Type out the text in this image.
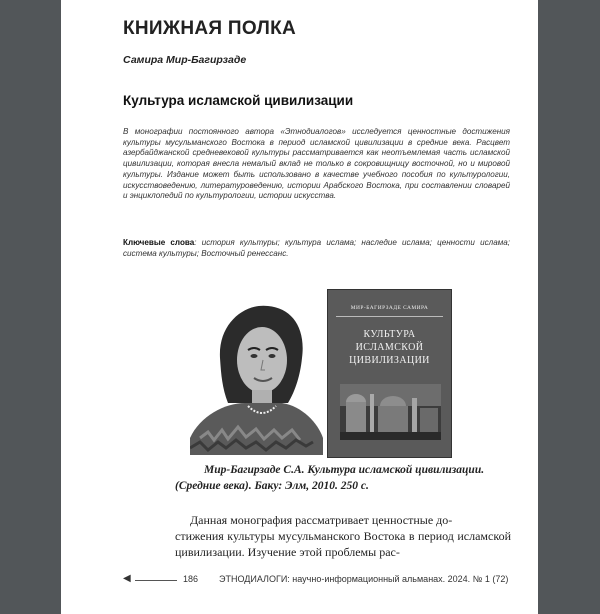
КНИЖНАЯ ПОЛКА
Самира Мир-Багирзаде
Культура исламской цивилизации
В монографии постоянного автора «Этнодиалогов» исследуется ценностные достижения культуры мусульманского Востока в период исламской цивилизации в средние века. Расцвет азербайджанской средневековой культуры рассматривается как неотъемлемая часть исламской цивилизации, которая внесла немалый вклад не только в сокровищницу восточной, но и мировой культуры. Издание может быть использовано в качестве учебного пособия по культурологии, искусствоведению, литературоведению, истории Арабского Востока, при составлении словарей и энциклопедий по культурологии, истории искусства.
Ключевые слова: история культуры; культура ислама; наследие ислама; ценности ислама; система культуры; Восточный ренессанс.
МИР-БАГИРЗАДЕ САМИРА
КУЛЬТУРА ИСЛАМСКОЙ ЦИВИЛИЗАЦИИ
Мир-Багирзаде С.А. Культура исламской цивилизации.
(Средние века). Баку: Элм, 2010. 250 с.
Данная монография рассматривает ценностные до-
стижения культуры мусульманского Востока в период исламской цивилизации. Изучение этой проблемы рас-
◀	186 ЭТНОДИАЛОГИ: научно-информационный альманах. 2024. № 1 (72)
